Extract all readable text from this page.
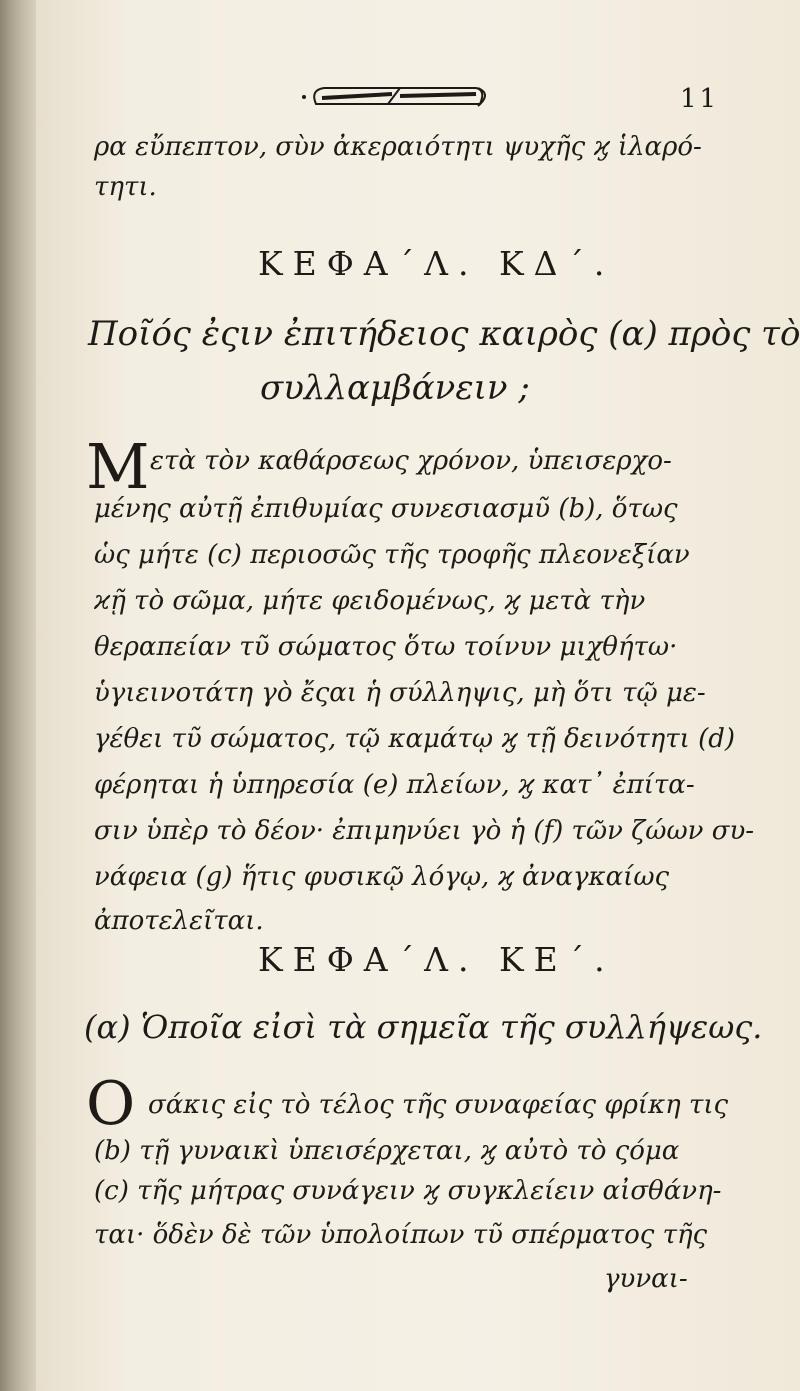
11
ρα εὔπεπτον, σὺν ἀκεραιότητι ψυχῆς ϗ ἱλαρό-
τητι.
ΚΕΦΑ΄Λ. ΚΔ΄.
Ποῖός ἐςιν ἐπιτήδειος καιρὸς (α) πρὸς τὸ
συλλαμβάνειν ;
Μ ετὰ τὸν καθάρσεως χρόνον, ὑπεισερχο-
μένης αὐτῇ ἐπιθυμίας συνεσιασμῦ (b), ὅτως
ὡς μήτε (c) περιοσῶς τῆς τροφῆς πλεονεξίαν
ϰῇ τὸ σῶμα, μήτε φειδομένως, ϗ μετὰ τὴν
θεραπείαν τῦ σώματος ὅτω τοίνυν μιχθήτω·
ὑγιεινοτάτη γὸ ἔςαι ἡ σύλληψις, μὴ ὅτι τῷ με-
γέθει τῦ σώματος, τῷ καμάτῳ ϗ τῇ δεινότητι (d)
φέρηται ἡ ὑπηρεσία (e) πλείων, ϗ κατ᾽ ἐπίτα-
σιν ὑπὲρ τὸ δέον· ἐπιμηνύει γὸ ἡ (f) τῶν ζώων συ-
νάφεια (g) ἥτις φυσικῷ λόγῳ, ϗ ἀναγκαίως
ἀποτελεῖται.
ΚΕΦΑ΄Λ. ΚΕ΄.
(α) Ὁποῖα εἰσὶ τὰ σημεῖα τῆς συλλήψεως.
Ο σάκις εἰς τὸ τέλος τῆς συναφείας φρίκη τις
(b) τῇ γυναικὶ ὑπεισέρχεται, ϗ αὐτὸ τὸ ςόμα
(c) τῆς μήτρας συνάγειν ϗ συγκλείειν αἰσθάνη-
ται· ὅδὲν δὲ τῶν ὑπολοίπων τῦ σπέρματος τῆς
γυναι-
